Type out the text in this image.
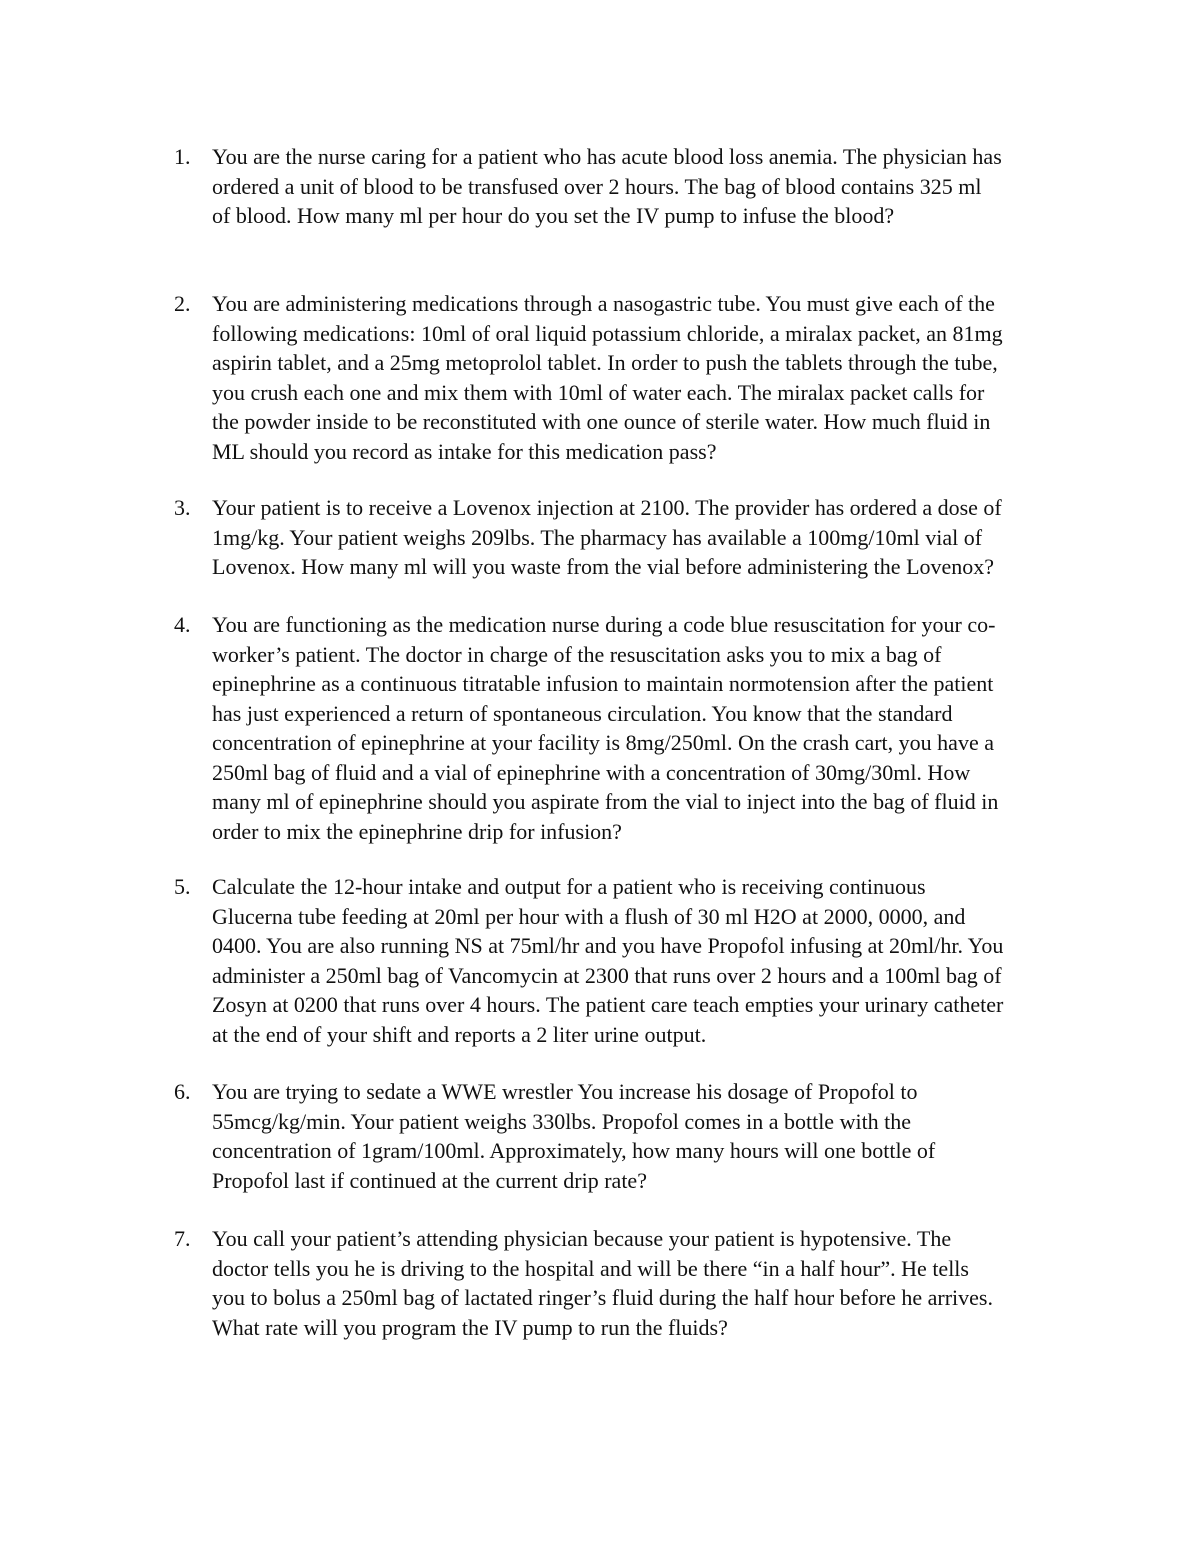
1. You are the nurse caring for a patient who has acute blood loss anemia. The physician has
ordered a unit of blood to be transfused over 2 hours. The bag of blood contains 325 ml
of blood. How many ml per hour do you set the IV pump to infuse the blood?
2. You are administering medications through a nasogastric tube. You must give each of the
following medications: 10ml of oral liquid potassium chloride, a miralax packet, an 81mg
aspirin tablet, and a 25mg metoprolol tablet. In order to push the tablets through the tube,
you crush each one and mix them with 10ml of water each. The miralax packet calls for
the powder inside to be reconstituted with one ounce of sterile water. How much fluid in
ML should you record as intake for this medication pass?
3. Your patient is to receive a Lovenox injection at 2100. The provider has ordered a dose of
1mg/kg. Your patient weighs 209lbs. The pharmacy has available a 100mg/10ml vial of
Lovenox. How many ml will you waste from the vial before administering the Lovenox?
4. You are functioning as the medication nurse during a code blue resuscitation for your co-
worker’s patient. The doctor in charge of the resuscitation asks you to mix a bag of
epinephrine as a continuous titratable infusion to maintain normotension after the patient
has just experienced a return of spontaneous circulation. You know that the standard
concentration of epinephrine at your facility is 8mg/250ml. On the crash cart, you have a
250ml bag of fluid and a vial of epinephrine with a concentration of 30mg/30ml. How
many ml of epinephrine should you aspirate from the vial to inject into the bag of fluid in
order to mix the epinephrine drip for infusion?
5. Calculate the 12-hour intake and output for a patient who is receiving continuous
Glucerna tube feeding at 20ml per hour with a flush of 30 ml H2O at 2000, 0000, and
0400. You are also running NS at 75ml/hr and you have Propofol infusing at 20ml/hr. You
administer a 250ml bag of Vancomycin at 2300 that runs over 2 hours and a 100ml bag of
Zosyn at 0200 that runs over 4 hours. The patient care teach empties your urinary catheter
at the end of your shift and reports a 2 liter urine output.
6. You are trying to sedate a WWE wrestler You increase his dosage of Propofol to
55mcg/kg/min. Your patient weighs 330lbs. Propofol comes in a bottle with the
concentration of 1gram/100ml. Approximately, how many hours will one bottle of
Propofol last if continued at the current drip rate?
7. You call your patient’s attending physician because your patient is hypotensive. The
doctor tells you he is driving to the hospital and will be there “in a half hour”. He tells
you to bolus a 250ml bag of lactated ringer’s fluid during the half hour before he arrives.
What rate will you program the IV pump to run the fluids?
